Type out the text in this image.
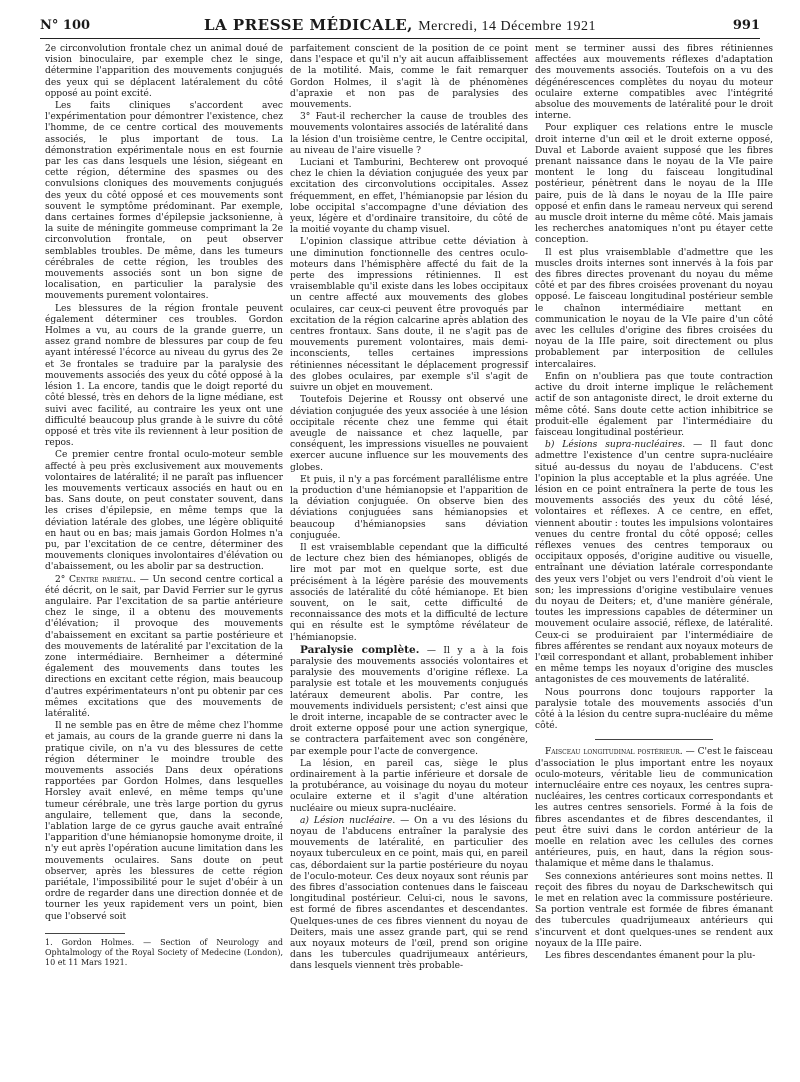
N° 100	LA PRESSE MÉDICALE, Mercredi, 14 Décembre 1921	991

2e circonvolution frontale chez un animal doué de vision binoculaire, par exemple chez le singe, détermine l'apparition des mouvements conjugués des yeux qui se déplacent latéralement du côté opposé au point excité.

Les faits cliniques s'accordent avec l'expérimentation pour démontrer l'existence, chez l'homme, de ce centre cortical des mouvements associés, le plus important de tous. La démonstration expérimentale nous en est fournie par les cas dans lesquels une lésion, siégeant en cette région, détermine des spasmes ou des convulsions cloniques des mouvements conjugués des yeux du côté opposé et ces mouvements sont souvent le symptôme prédominant. Par exemple, dans certaines formes d'épilepsie jacksonienne, à la suite de méningite gommeuse comprimant la 2e circonvolution frontale, on peut observer semblables troubles. De même, dans les tumeurs cérébrales de cette région, les troubles des mouvements associés sont un bon signe de localisation, en particulier la paralysie des mouvements purement volontaires.

Les blessures de la région frontale peuvent également déterminer ces troubles. Gordon Holmes a vu, au cours de la grande guerre, un assez grand nombre de blessures par coup de feu ayant intéressé l'écorce au niveau du gyrus des 2e et 3e frontales se traduire par la paralysie des mouvements associés des yeux du côté opposé à la lésion 1. La encore, tandis que le doigt reporté du côté blessé, très en dehors de la ligne médiane, est suivi avec facilité, au contraire les yeux ont une difficulté beaucoup plus grande à le suivre du côté opposé et très vite ils reviennent à leur position de repos.

Ce premier centre frontal oculo-moteur semble affecté à peu près exclusivement aux mouvements volontaires de latéralité; il ne paraît pas influencer les mouvements verticaux associés en haut ou en bas. Sans doute, on peut constater souvent, dans les crises d'épilepsie, en même temps que la déviation latérale des globes, une légère obliquité en haut ou en bas; mais jamais Gordon Holmes n'a pu, par l'excitation de ce centre, déterminer des mouvements cloniques involontaires d'élévation ou d'abaissement, ou les abolir par sa destruction.

2° Centre pariétal. — Un second centre cortical a été décrit, on le sait, par David Ferrier sur le gyrus angulaire. Par l'excitation de sa partie antérieure chez le singe, il a obtenu des mouvements d'élévation; il provoque des mouvements d'abaissement en excitant sa partie postérieure et des mouvements de latéralité par l'excitation de la zone intermédiaire. Bernheimer a déterminé également des mouvements dans toutes les directions en excitant cette région, mais beaucoup d'autres expérimentateurs n'ont pu obtenir par ces mêmes excitations que des mouvements de latéralité.

Il ne semble pas en être de même chez l'homme et jamais, au cours de la grande guerre ni dans la pratique civile, on n'a vu des blessures de cette région déterminer le moindre trouble des mouvements associés Dans deux opérations rapportées par Gordon Holmes, dans lesquelles Horsley avait enlevé, en même temps qu'une tumeur cérébrale, une très large portion du gyrus angulaire, tellement que, dans la seconde, l'ablation large de ce gyrus gauche avait entraîné l'apparition d'une hémianopsie homonyme droite, il n'y eut après l'opération aucune limitation dans les mouvements oculaires. Sans doute on peut observer, après les blessures de cette région pariétale, l'impossibilité pour le sujet d'obéir à un ordre de regarder dans une direction donnée et de tourner les yeux rapidement vers un point, bien que l'observé soit

1. Gordon Holmes. — Section of Neurology and Ophtalmology of the Royal Society of Medecine (London), 10 et 11 Mars 1921.

parfaitement conscient de la position de ce point dans l'espace et qu'il n'y ait aucun affaiblissement de la motilité. Mais, comme le fait remarquer Gordon Holmes, il s'agit là de phénomènes d'apraxie et non pas de paralysies des mouvements.

3° Faut-il rechercher la cause de troubles des mouvements volontaires associés de latéralité dans la lésion d'un troisième centre, le Centre occipital, au niveau de l'aire visuelle ?

Luciani et Tamburini, Bechterew ont provoqué chez le chien la déviation conjuguée des yeux par excitation des circonvolutions occipitales. Assez fréquemment, en effet, l'hémianopsie par lésion du lobe occipital s'accompagne d'une déviation des yeux, légère et d'ordinaire transitoire, du côté de la moitié voyante du champ visuel.

L'opinion classique attribue cette déviation à une diminution fonctionnelle des centres oculo-moteurs dans l'hémisphère affecté du fait de la perte des impressions rétiniennes. Il est vraisemblable qu'il existe dans les lobes occipitaux un centre affecté aux mouvements des globes oculaires, car ceux-ci peuvent être provoqués par excitation de la région calcarine après ablation des centres frontaux. Sans doute, il ne s'agit pas de mouvements purement volontaires, mais demi-inconscients, telles certaines impressions rétiniennes nécessitant le déplacement progressif des globes oculaires, par exemple s'il s'agit de suivre un objet en mouvement.

Toutefois Dejerine et Roussy ont observé une déviation conjuguée des yeux associée à une lésion occipitale récente chez une femme qui était aveugle de naissance et chez laquelle, par conséquent, les impressions visuelles ne pouvaient exercer aucune influence sur les mouvements des globes.

Et puis, il n'y a pas forcément parallélisme entre la production d'une hémianopsie et l'apparition de la déviation conjuguée. On observe bien des déviations conjuguées sans hémianopsies et beaucoup d'hémianopsies sans déviation conjuguée.

Il est vraisemblable cependant que la difficulté de lecture chez bien des hémianopes, obligés de lire mot par mot en quelque sorte, est due précisément à la légère parésie des mouvements associés de latéralité du côté hémianope. Et bien souvent, on le sait, cette difficulté de reconnaissance des mots et la difficulté de lecture qui en résulte est le symptôme révélateur de l'hémianopsie.

Paralysie complète. — Il y a à la fois paralysie des mouvements associés volontaires et paralysie des mouvements d'origine réflexe. La paralysie est totale et les mouvements conjugués latéraux demeurent abolis. Par contre, les mouvements individuels persistent; c'est ainsi que le droit interne, incapable de se contracter avec le droit externe opposé pour une action synergique, se contractera parfaitement avec son congénère, par exemple pour l'acte de convergence.

La lésion, en pareil cas, siège le plus ordinairement à la partie inférieure et dorsale de la protubérance, au voisinage du noyau du moteur oculaire externe et il s'agit d'une altération nucléaire ou mieux supra-nucléaire.

a) Lésion nucléaire. — On a vu des lésions du noyau de l'abducens entraîner la paralysie des mouvements de latéralité, en particulier des noyaux tuberculeux en ce point, mais qui, en pareil cas, débordaient sur la partie postérieure du noyau de l'oculo-moteur. Ces deux noyaux sont réunis par des fibres d'association contenues dans le faisceau longitudinal postérieur. Celui-ci, nous le savons, est formé de fibres ascendantes et descendantes. Quelques-unes de ces fibres viennent du noyau de Deiters, mais une assez grande part, qui se rend aux noyaux moteurs de l'œil, prend son origine dans les tubercules quadrijumeaux antérieurs, dans lesquels viennent très probable-

ment se terminer aussi des fibres rétiniennes affectées aux mouvements réflexes d'adaptation des mouvements associés. Toutefois on a vu des dégénérescences complètes du noyau du moteur oculaire externe compatibles avec l'intégrité absolue des mouvements de latéralité pour le droit interne.

Pour expliquer ces relations entre le muscle droit interne d'un œil et le droit externe opposé, Duval et Laborde avaient supposé que les fibres prenant naissance dans le noyau de la VIe paire montent le long du faisceau longitudinal postérieur, pénètrent dans le noyau de la IIIe paire, puis de là dans le noyau de la IIIe paire opposé et enfin dans le rameau nerveux qui serend au muscle droit interne du même côté. Mais jamais les recherches anatomiques n'ont pu étayer cette conception.

Il est plus vraisemblable d'admettre que les muscles droits internes sont innervés à la fois par des fibres directes provenant du noyau du même côté et par des fibres croisées provenant du noyau opposé. Le faisceau longitudinal postérieur semble le chaînon intermédiaire mettant en communication le noyau de la VIe paire d'un côté avec les cellules d'origine des fibres croisées du noyau de la IIIe paire, soit directement ou plus probablement par interposition de cellules intercalaires.

Enfin on n'oubliera pas que toute contraction active du droit interne implique le relâchement actif de son antagoniste direct, le droit externe du même côté. Sans doute cette action inhibitrice se produit-elle également par l'intermédiaire du faisceau longitudinal postérieur.

b) Lésions supra-nucléaires. — Il faut donc admettre l'existence d'un centre supra-nucléaire situé au-dessus du noyau de l'abducens. C'est l'opinion la plus acceptable et la plus agréée. Une lésion en ce point entraînera la perte de tous les mouvements associés des yeux du côté lésé, volontaires et réflexes. A ce centre, en effet, viennent aboutir : toutes les impulsions volontaires venues du centre frontal du côté opposé; celles réflexes venues des centres temporaux ou occipitaux opposés, d'origine auditive ou visuelle, entraînant une déviation latérale correspondante des yeux vers l'objet ou vers l'endroit d'où vient le son; les impressions d'origine vestibulaire venues du noyau de Deiters; et, d'une manière générale, toutes les impressions capables de déterminer un mouvement oculaire associé, réflexe, de latéralité. Ceux-ci se produiraient par l'intermédiaire de fibres afférentes se rendant aux noyaux moteurs de l'œil correspondant et allant, probablement inhiber en même temps les noyaux d'origine des muscles antagonistes de ces mouvements de latéralité.

Nous pourrons donc toujours rapporter la paralysie totale des mouvements associés d'un côté à la lésion du centre supra-nucléaire du même côté.

Faisceau longitudinal postérieur. — C'est le faisceau d'association le plus important entre les noyaux oculo-moteurs, véritable lieu de communication internucléaire entre ces noyaux, les centres supra-nucléaires, les centres corticaux correspondants et les autres centres sensoriels. Formé à la fois de fibres ascendantes et de fibres descendantes, il peut être suivi dans le cordon antérieur de la moelle en relation avec les cellules des cornes antérieures, puis, en haut, dans la région sous-thalamique et même dans le thalamus.

Ses connexions antérieures sont moins nettes. Il reçoit des fibres du noyau de Darkschewitsch qui le met en relation avec la commissure postérieure. Sa portion ventrale est formée de fibres émanant des tubercules quadrijumeaux antérieurs qui s'incurvent et dont quelques-unes se rendent aux noyaux de la IIIe paire.

Les fibres descendantes émanent pour la plu-
